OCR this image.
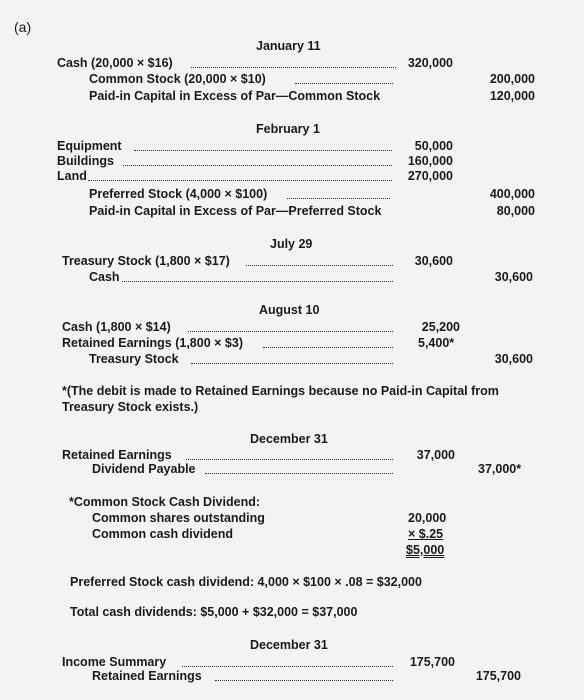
(a)
January 11
Cash (20,000 × $16)	320,000
Common Stock (20,000 × $10)	200,000
Paid-in Capital in Excess of Par—Common Stock	120,000
February 1
Equipment	50,000
Buildings	160,000
Land	270,000
Preferred Stock (4,000 × $100)	400,000
Paid-in Capital in Excess of Par—Preferred Stock	80,000
July 29
Treasury Stock (1,800 × $17)	30,600
Cash	30,600
August 10
Cash (1,800 × $14)	25,200
Retained Earnings (1,800 × $3)	5,400*
Treasury Stock	30,600
*(The debit is made to Retained Earnings because no Paid-in Capital from
Treasury Stock exists.)
December 31
Retained Earnings	37,000
Dividend Payable	37,000*
*Common Stock Cash Dividend:
Common shares outstanding	20,000
Common cash dividend	× $.25
$5,000
Preferred Stock cash dividend: 4,000 × $100 × .08 = $32,000
Total cash dividends: $5,000 + $32,000 = $37,000
December 31
Income Summary	175,700
Retained Earnings	175,700
